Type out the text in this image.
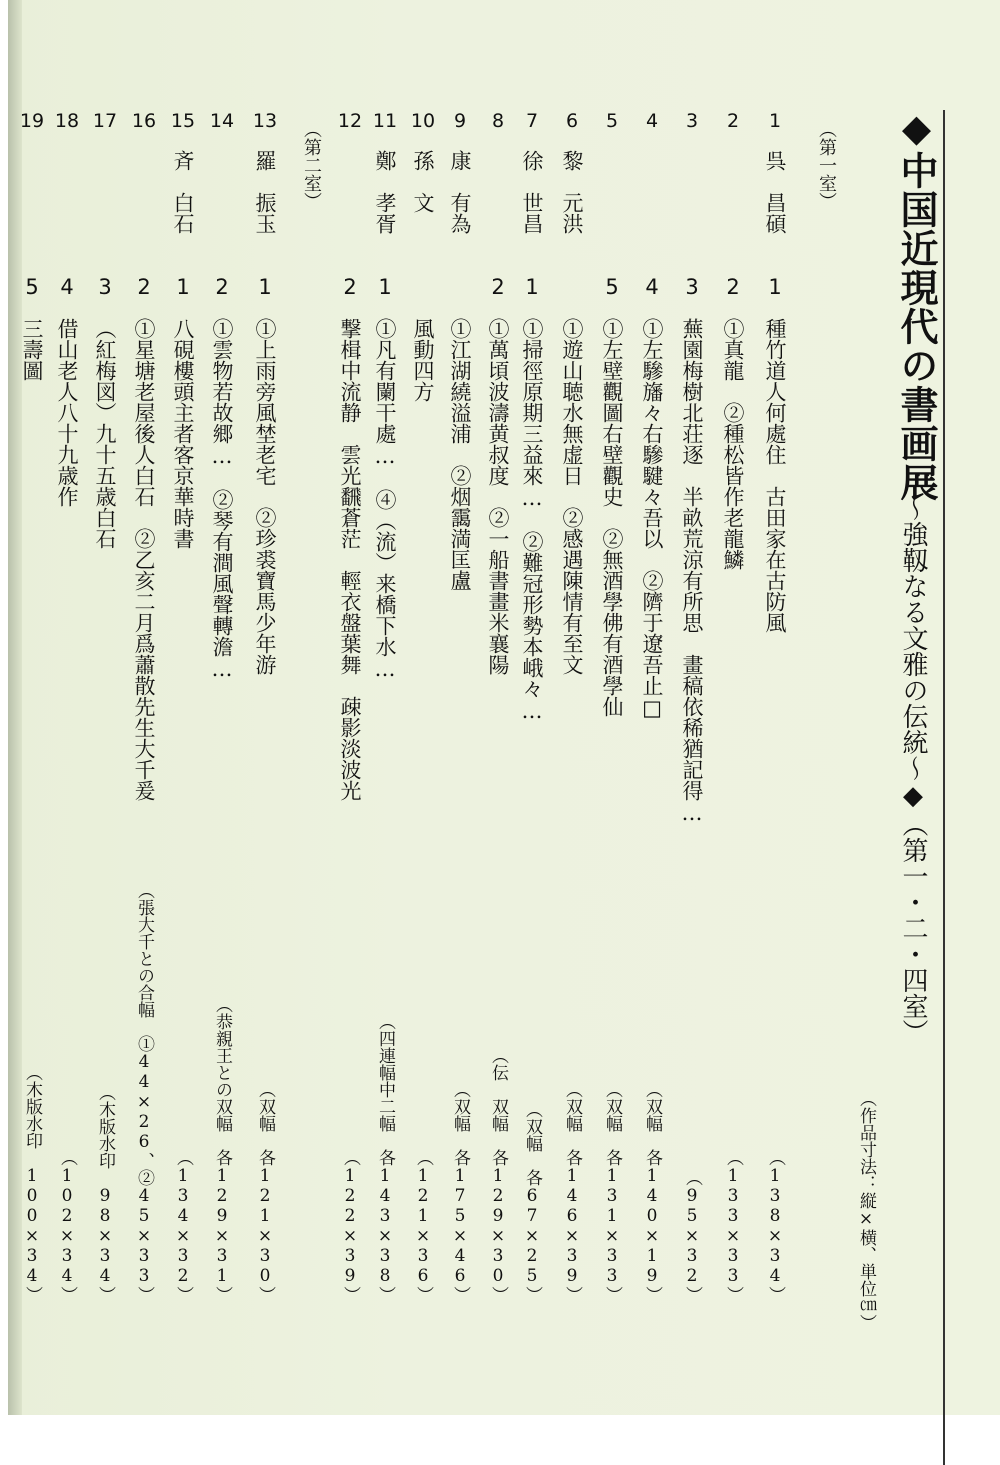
◆中国近現代の書画展
～強靱なる文雅の伝統～◆（第一・二・四室）
（作品寸法：縦×横、単位㎝）
（第一室）
（第二室）	1
呉　昌碩
1
種竹道人何處住　古田家在古防風
（138×34）
2
2
①真龍　②種松皆作老龍鱗
（133×33）
3
3
蕪園梅樹北荘逐　半畝荒涼有所思　畫稿依稀猶記得…
（95×32）
4
4
①左驂旛々右驂騝々吾以　②隮于遼吾止□
（双幅　各140×19）
5
5
①左壁觀圖右壁觀史　②無酒學佛有酒學仙
（双幅　各131×33）
6
黎　元洪
①遊山聴水無虚日　②感遇陳情有至文
（双幅　各146×39）
7
徐　世昌
1
①掃徑原期三益來…　②難冠形勢本峨々…
（双幅　各67×25）
8
2
①萬頃波濤黄叔度　②一船書畫米襄陽
（伝　双幅　各129×30）
9
康　有為
①江湖繞溢浦　②烟靄満匡盧
（双幅　各175×46）
10
孫　文
風動四方
（121×36）
11
鄭　孝胥
1
①凡有闌干處…　④（流）来橋下水…
（四連幅中二幅　各143×38）
12
2
撃楫中流静　雲光飜蒼茫　輕衣盤葉舞　疎影淡波光
（122×39）
13
羅　振玉
1
①上雨旁風埜老宅　②珍裘寶馬少年游
（双幅　各121×30）
14
2
①雲物若故郷…　②琴有澗風聲轉澹…
（恭親王との双幅　各129×31）
15
斉　白石
1
八硯樓頭主者客京華時書
（134×32）
16
2
①星塘老屋後人白石　②乙亥二月爲蕭散先生大千爰
（張大千との合幅　①44×26、②45×33）
17
3
（紅梅図）九十五歳白石
（木版水印　98×34）
18
4
借山老人八十九歳作
（102×34）
19
5
三壽圖
（木版水印　100×34）
